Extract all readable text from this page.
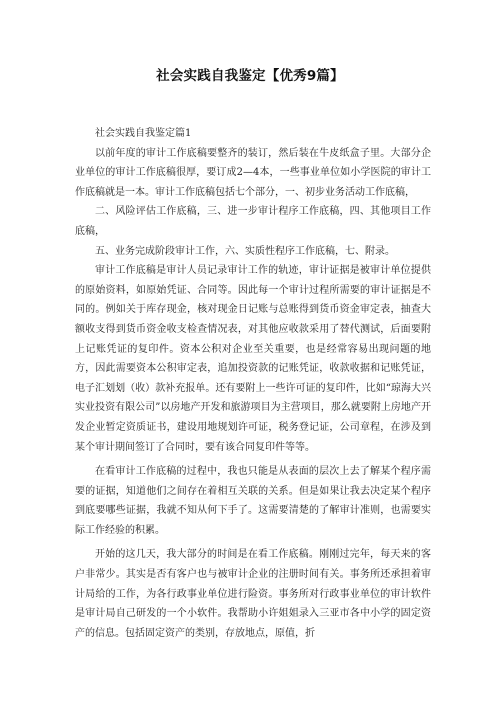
社会实践自我鉴定【优秀9篇】

社会实践自我鉴定篇1

以前年度的审计工作底稿要整齐的装订，然后装在牛皮纸盒子里。大部分企业单位的审计工作底稿很厚，要订成2—4本，一些事业单位如小学医院的审计工作底稿就是一本。审计工作底稿包括七个部分，一、初步业务活动工作底稿，

二、风险评估工作底稿，三、进一步审计程序工作底稿，四、其他项目工作底稿，

五、业务完成阶段审计工作，六、实质性程序工作底稿，七、附录。

审计工作底稿是审计人员记录审计工作的轨迹，审计证据是被审计单位提供的原始资料，如原始凭证、合同等。因此每一个审计过程所需要的审计证据是不同的。例如关于库存现金，核对现金日记账与总账得到货币资金审定表，抽查大额收支得到货币资金收支检查情况表，对其他应收款采用了替代测试，后面要附上记账凭证的复印件。资本公积对企业至关重要，也是经常容易出现问题的地方，因此需要资本公积审定表，追加投资款的记账凭证，收款收据和记账凭证，电子汇划划（收）款补充报单。还有要附上一些许可证的复印件，比如“琼海大兴实业投资有限公司”以房地产开发和旅游项目为主营项目，那么就要附上房地产开发企业暂定资质证书，建设用地规划许可证，税务登记证，公司章程，在涉及到某个审计期间签订了合同时，要有该合同复印件等等。

在看审计工作底稿的过程中，我也只能是从表面的层次上去了解某个程序需要的证据，知道他们之间存在着相互关联的关系。但是如果让我去决定某个程序到底要哪些证据，我就不知从何下手了。这需要清楚的了解审计准则，也需要实际工作经验的积累。

开始的这几天，我大部分的时间是在看工作底稿。刚刚过完年，每天来的客户非常少。其实是否有客户也与被审计企业的注册时间有关。事务所还承担着审计局给的工作，为各行政事业单位进行险资。事务所对行政事业单位的审计软件是审计局自己研发的一个小软件。我帮助小许姐姐录入三亚市各中小学的固定资产的信息。包括固定资产的类别，存放地点，原值，折
